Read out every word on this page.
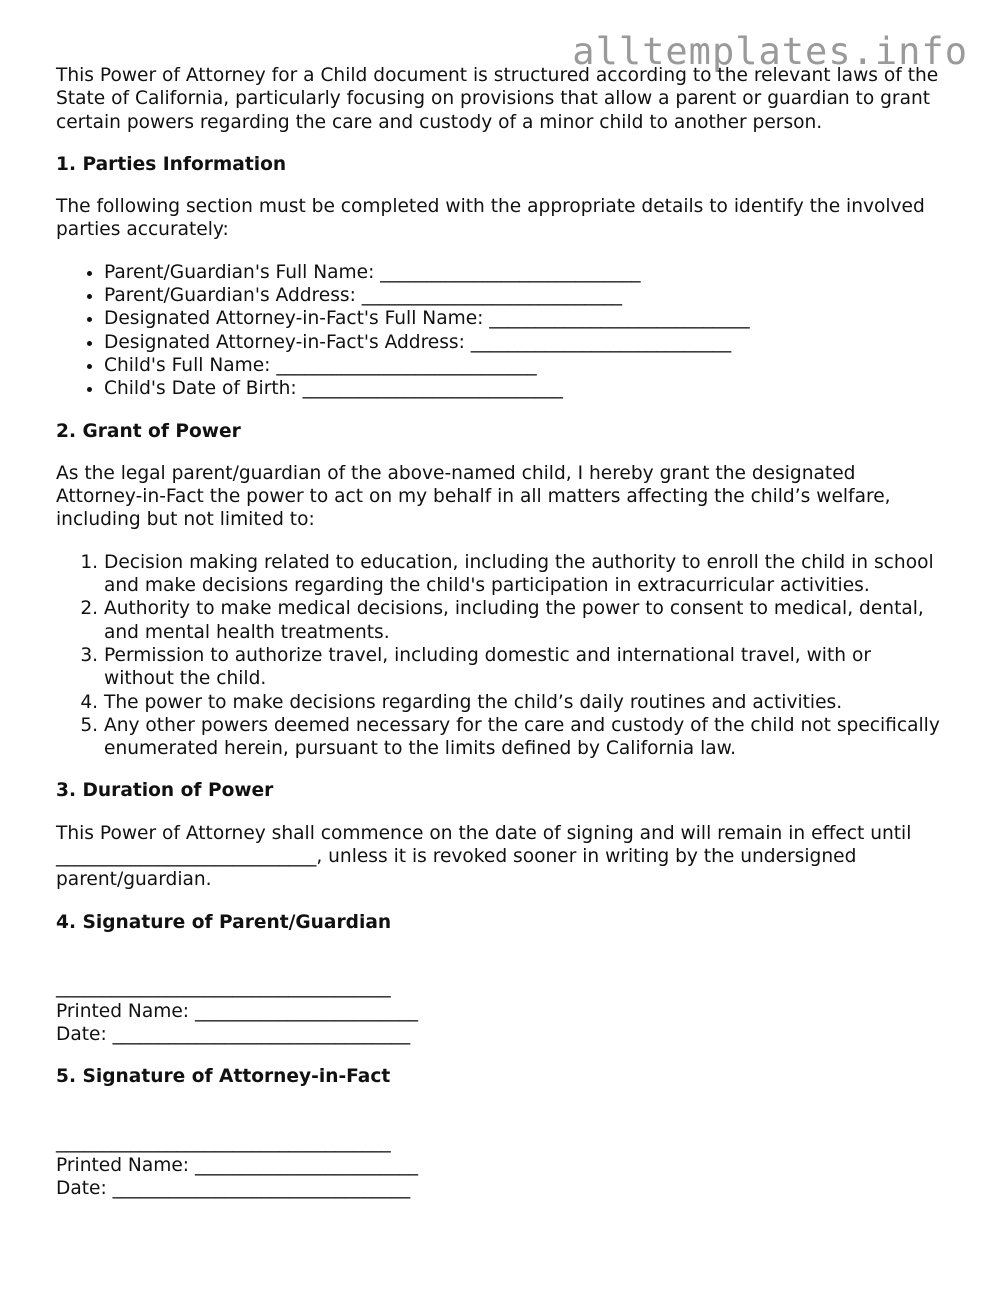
alltemplates.info

This Power of Attorney for a Child document is structured according to the relevant laws of the State of California, particularly focusing on provisions that allow a parent or guardian to grant certain powers regarding the care and custody of a minor child to another person.

1. Parties Information

The following section must be completed with the appropriate details to identify the involved parties accurately:

• Parent/Guardian's Full Name: ____________________________
• Parent/Guardian's Address: ____________________________
• Designated Attorney-in-Fact's Full Name: ____________________________
• Designated Attorney-in-Fact's Address: ____________________________
• Child's Full Name: ____________________________
• Child's Date of Birth: ____________________________
2. Grant of Power

As the legal parent/guardian of the above-named child, I hereby grant the designated Attorney-in-Fact the power to act on my behalf in all matters affecting the child’s welfare, including but not limited to:

1. Decision making related to education, including the authority to enroll the child in school and make decisions regarding the child's participation in extracurricular activities.
2. Authority to make medical decisions, including the power to consent to medical, dental, and mental health treatments.
3. Permission to authorize travel, including domestic and international travel, with or without the child.
4. The power to make decisions regarding the child’s daily routines and activities.
5. Any other powers deemed necessary for the care and custody of the child not specifically enumerated herein, pursuant to the limits defined by California law.
3. Duration of Power

This Power of Attorney shall commence on the date of signing and will remain in effect until ____________________________, unless it is revoked sooner in writing by the undersigned parent/guardian.

4. Signature of Parent/Guardian
____________________________________
Printed Name: ________________________
Date: ________________________________
5. Signature of Attorney-in-Fact
____________________________________
Printed Name: ________________________
Date: ________________________________
